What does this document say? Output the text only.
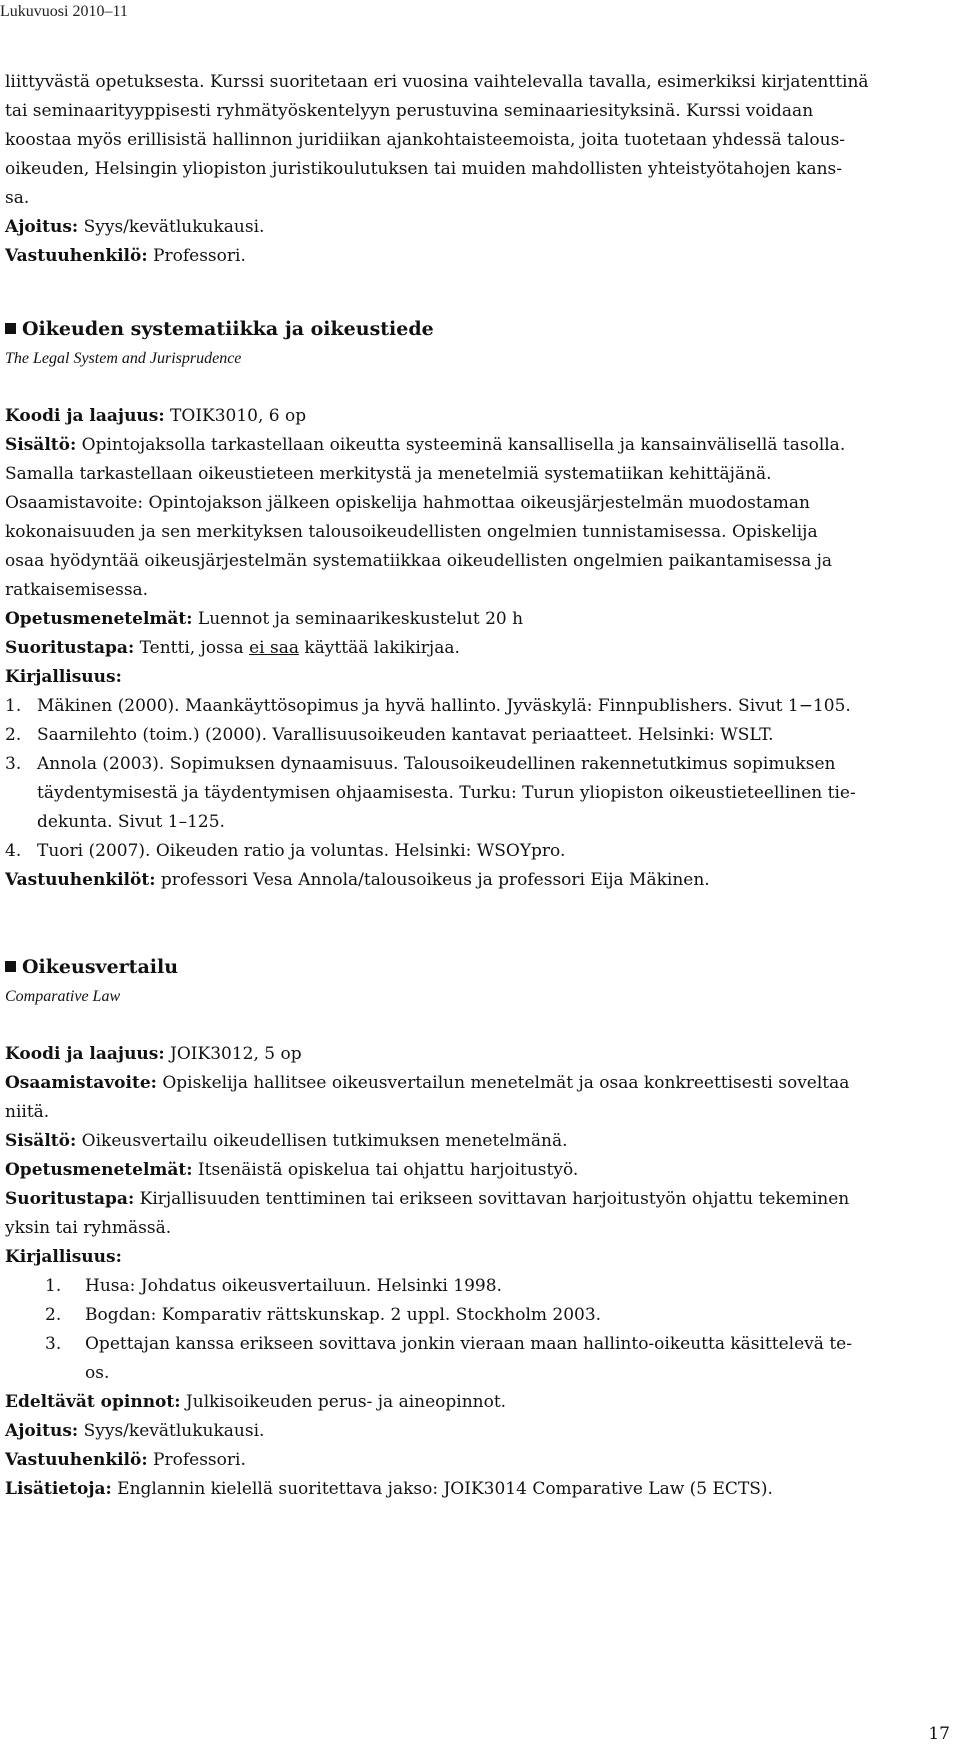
Lukuvuosi 2010–11

liittyvästä opetuksesta. Kurssi suoritetaan eri vuosina vaihtelevalla tavalla, esimerkiksi kirjatenttinä

tai seminaarityyppisesti ryhmätyöskentelyyn perustuvina seminaariesityksinä. Kurssi voidaan

koostaa myös erillisistä hallinnon juridiikan ajankohtaisteemoista, joita tuotetaan yhdessä talous-

oikeuden, Helsingin yliopiston juristikoulutuksen tai muiden mahdollisten yhteistyötahojen kans-

sa.

Ajoitus: Syys/kevätlukukausi.

Vastuuhenkilö: Professori.

Oikeuden systematiikka ja oikeustiede

The Legal System and Jurisprudence

Koodi ja laajuus: TOIK3010, 6 op

Sisältö: Opintojaksolla tarkastellaan oikeutta systeeminä kansallisella ja kansainvälisellä tasolla.

Samalla tarkastellaan oikeustieteen merkitystä ja menetelmiä systematiikan kehittäjänä.

Osaamistavoite: Opintojakson jälkeen opiskelija hahmottaa oikeusjärjestelmän muodostaman

kokonaisuuden ja sen merkityksen talousoikeudellisten ongelmien tunnistamisessa. Opiskelija

osaa hyödyntää oikeusjärjestelmän systematiikkaa oikeudellisten ongelmien paikantamisessa ja

ratkaisemisessa.

Opetusmenetelmät: Luennot ja seminaarikeskustelut 20 h

Suoritustapa: Tentti, jossa ei saa käyttää lakikirjaa.

Kirjallisuus:

1. Mäkinen (2000). Maankäyttösopimus ja hyvä hallinto. Jyväskylä: Finnpublishers. Sivut 1−105.
2. Saarnilehto (toim.) (2000). Varallisuusoikeuden kantavat periaatteet. Helsinki: WSLT.
3. Annola (2003). Sopimuksen dynaamisuus. Talousoikeudellinen rakennetutkimus sopimuksen
täydentymisestä ja täydentymisen ohjaamisesta. Turku: Turun yliopiston oikeustieteellinen tie-
dekunta. Sivut 1–125.
4. Tuori (2007). Oikeuden ratio ja voluntas. Helsinki: WSOYpro.

Vastuuhenkilöt: professori Vesa Annola/talousoikeus ja professori Eija Mäkinen.

Oikeusvertailu

Comparative Law

Koodi ja laajuus: JOIK3012, 5 op

Osaamistavoite: Opiskelija hallitsee oikeusvertailun menetelmät ja osaa konkreettisesti soveltaa

niitä.

Sisältö: Oikeusvertailu oikeudellisen tutkimuksen menetelmänä.

Opetusmenetelmät: Itsenäistä opiskelua tai ohjattu harjoitustyö.

Suoritustapa: Kirjallisuuden tenttiminen tai erikseen sovittavan harjoitustyön ohjattu tekeminen

yksin tai ryhmässä.

Kirjallisuus:

1. Husa: Johdatus oikeusvertailuun. Helsinki 1998.
2. Bogdan: Komparativ rättskunskap. 2 uppl. Stockholm 2003.
3. Opettajan kanssa erikseen sovittava jonkin vieraan maan hallinto-oikeutta käsittelevä te-
os.

Edeltävät opinnot: Julkisoikeuden perus- ja aineopinnot.

Ajoitus: Syys/kevätlukukausi.

Vastuuhenkilö: Professori.

Lisätietoja: Englannin kielellä suoritettava jakso: JOIK3014 Comparative Law (5 ECTS).

17
